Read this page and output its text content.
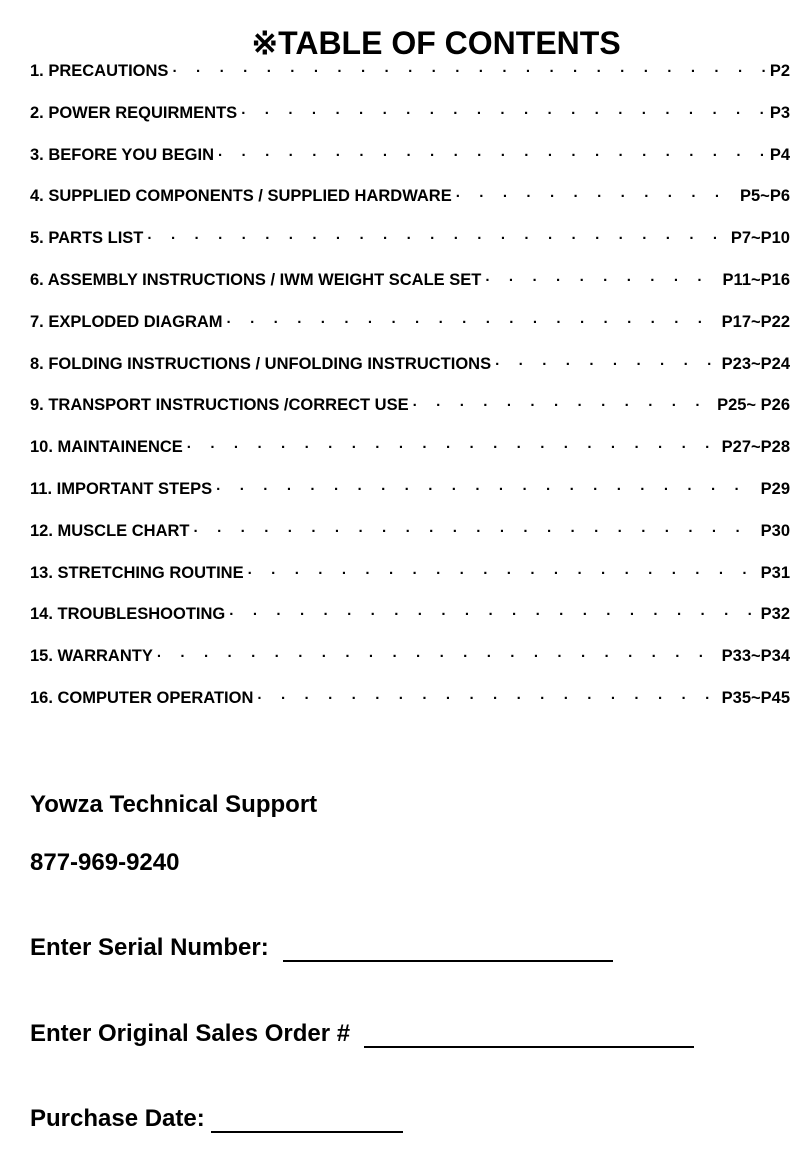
※TABLE OF CONTENTS
1. PRECAUTIONS · · ·	P2
2. POWER REQUIRMENTS · · ·	P3
3. BEFORE YOU BEGIN · · ·	P4
4. SUPPLIED COMPONENTS / SUPPLIED HARDWARE · · ·	P5~P6
5. PARTS LIST · · ·	P7~P10
6. ASSEMBLY INSTRUCTIONS / IWM WEIGHT SCALE SET · · ·	P11~P16
7. EXPLODED DIAGRAM · · ·	P17~P22
8. FOLDING INSTRUCTIONS / UNFOLDING INSTRUCTIONS · · ·	P23~P24
9. TRANSPORT INSTRUCTIONS /CORRECT USE · · ·	P25~ P26
10. MAINTAINENCE · · ·	P27~P28
11. IMPORTANT STEPS · · ·	P29
12. MUSCLE CHART · · ·	P30
13. STRETCHING ROUTINE · · ·	P31
14. TROUBLESHOOTING · · ·	P32
15. WARRANTY · · ·	P33~P34
16. COMPUTER OPERATION · · ·	P35~P45
Yowza Technical Support
877-969-9240
Enter Serial Number:
Enter Original Sales Order #
Purchase Date:
